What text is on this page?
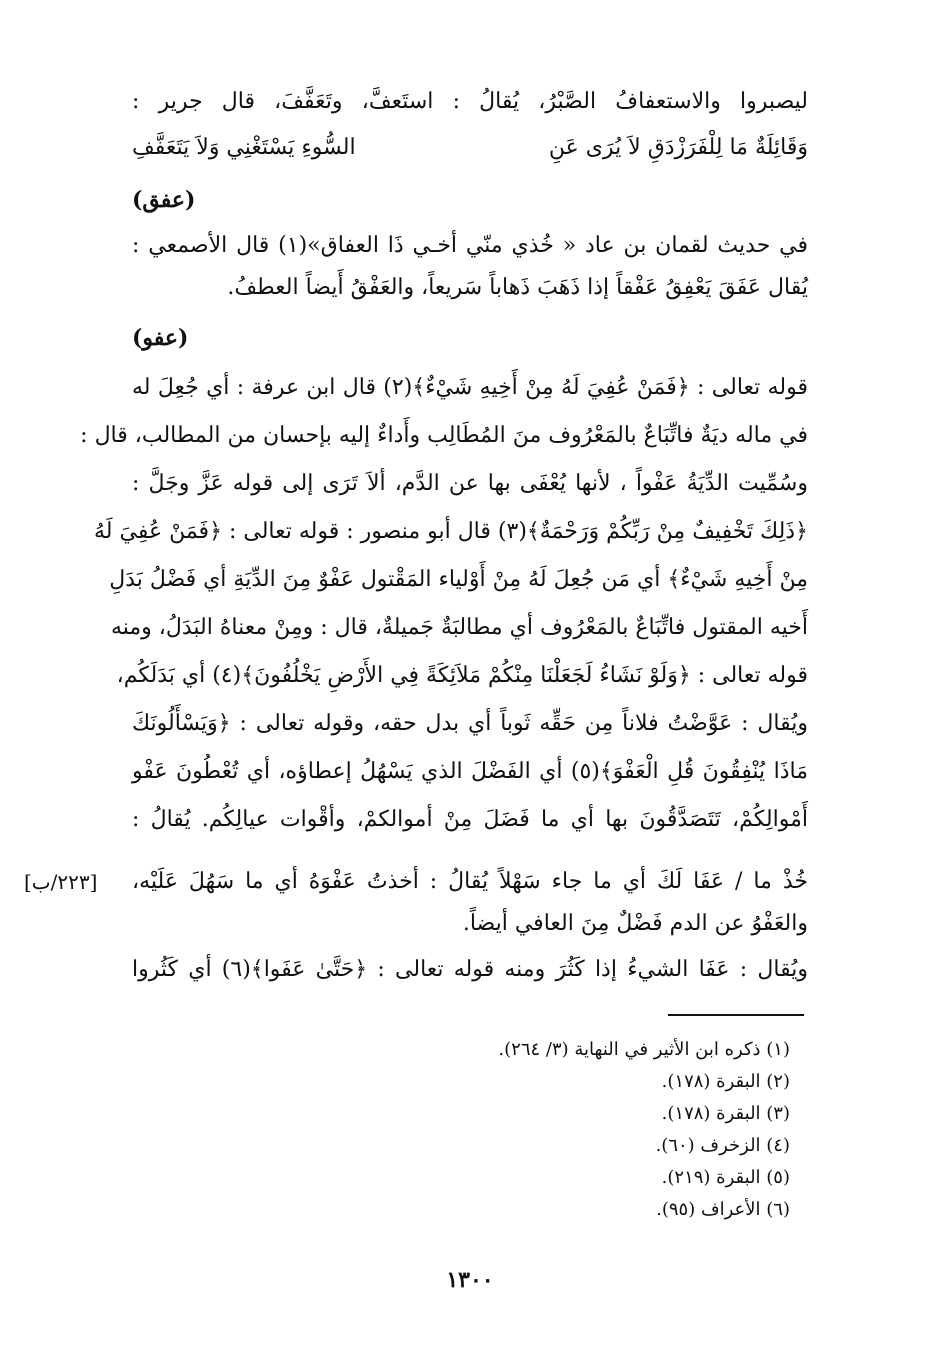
ليصبروا والاستعفافُ الصَّبْرُ، يُقالُ : استَعفَّ، وتَعَفَّفَ، قال جرير :
وَقَائِلَةٌ مَا لِلْفَرَزْدَقِ لاَ يُرَى عَنِ
السُّوءِ يَسْتَغْنِي وَلاَ يَتَعَفَّفِ
(عفق)
في حديث لقمان بن عاد « خُذي منّي أخـي ذَا العفاق»(١) قال الأصمعي :
يُقال عَفَقَ يَعْفِقُ عَفْقاً إذا ذَهَبَ ذَهاباً سَريعاً، والعَفْقُ أَيضاً العطفُ.
(عفو)
قوله تعالى : ﴿فَمَنْ عُفِيَ لَهُ مِنْ أَخِيهِ شَيْءٌ﴾(٢) قال ابن عرفة : أي جُعِلَ له
في ماله ديَةٌ فاتِّبَاعٌ بالمَعْرُوف منَ المُطَالِب وأَداءٌ إليه بإحسان من المطالب، قال :
وسُمِّيت الدِّيَةُ عَفْواً ، لأنها يُعْفَى بها عن الدَّم، ألاَ تَرَى إلى قوله عَزَّ وجَلَّ :
﴿ذَلِكَ تَخْفِيفٌ مِنْ رَبِّكُمْ وَرَحْمَةٌ﴾(٣) قال أبو منصور : قوله تعالى : ﴿فَمَنْ عُفِيَ لَهُ
مِنْ أَخِيهِ شَيْءٌ﴾ أي مَن جُعِلَ لَهُ مِنْ أَوْلياء المَقْتول عَفْوٌ مِنَ الدِّيَةِ أي فَضْلُ بَدَلِ
أَخيه المقتول فاتِّبَاعٌ بالمَعْرُوف أي مطالبَةٌ جَميلةٌ، قال : ومِنْ معناهُ البَدَلُ، ومنه
قوله تعالى : ﴿وَلَوْ نَشَاءُ لَجَعَلْنَا مِنْكُمْ مَلاَئِكَةً فِي الأَرْضِ يَخْلُفُونَ﴾(٤) أي بَدَلَكُم،
ويُقال : عَوَّضْتُ فلاناً مِن حَقِّه ثَوباً أي بدل حقه، وقوله تعالى : ﴿وَيَسْأَلُونَكَ
مَاذَا يُنْفِقُونَ قُلِ الْعَفْوَ﴾(٥) أي الفَضْلَ الذي يَسْهُلُ إعطاؤه، أي تُعْطُونَ عَفْو
أَمْوالِكُمْ، تَتَصَدَّقُونَ بها أي ما فَضَلَ مِنْ أموالكمْ، وأقْوات عيالِكُم. يُقالُ :
خُذْ ما / عَفَا لَكَ أي ما جاء سَهْلاً يُقالُ : أخذتُ عَفْوَهُ أي ما سَهُلَ عَلَيْه،
والعَفْوُ عن الدم فَضْلٌ مِنَ العافي أيضاً.
ويُقال : عَفَا الشيءُ إذا كَثُرَ ومنه قوله تعالى : ﴿حَتَّىٰ عَفَوا﴾(٦) أي كَثُروا
[٢٢٣/ب]
(١) ذكره ابن الأثير في النهاية (٣/ ٢٦٤).
(٢) البقرة (١٧٨).
(٣) البقرة (١٧٨).
(٤) الزخرف (٦٠).
(٥) البقرة (٢١٩).
(٦) الأعراف (٩٥).
١٣٠٠
